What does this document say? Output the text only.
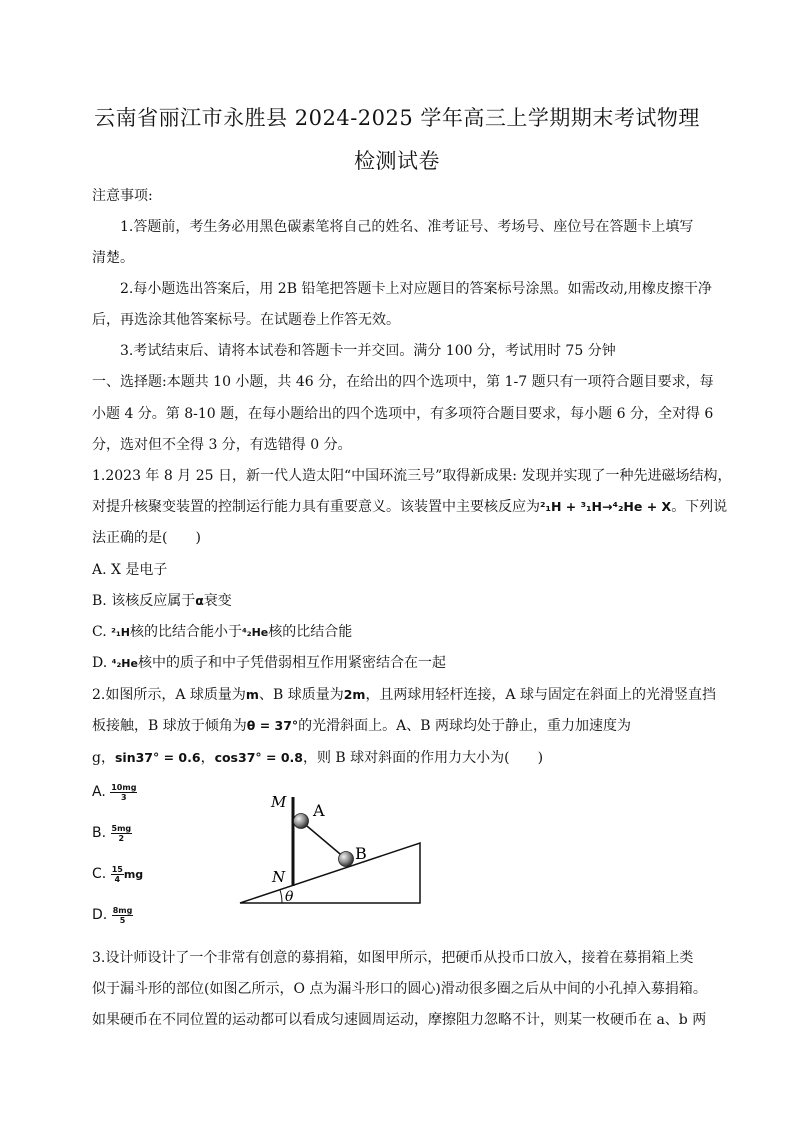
云南省丽江市永胜县 2024-2025 学年高三上学期期末考试物理
检测试卷
注意事项:
1.答题前，考生务必用黑色碳素笔将自己的姓名、准考证号、考场号、座位号在答题卡上填写
清楚。
2.每小题选出答案后，用 2B 铅笔把答题卡上对应题目的答案标号涂黑。如需改动,用橡皮擦干净
后，再选涂其他答案标号。在试题卷上作答无效。
3.考试结束后、请将本试卷和答题卡一并交回。满分 100 分，考试用时 75 分钟
一、选择题:本题共 10 小题，共 46 分，在给出的四个选项中，第 1-7 题只有一项符合题目要求，每
小题 4 分。第 8-10 题，在每小题给出的四个选项中，有多项符合题目要求，每小题 6 分，全对得 6
分，选对但不全得 3 分，有选错得 0 分。
1.2023 年 8 月 25 日，新一代人造太阳“中国环流三号”取得新成果: 发现并实现了一种先进磁场结构，
对提升核聚变装置的控制运行能力具有重要意义。该装置中主要核反应为²₁H + ³₁H→⁴₂He + X。下列说
法正确的是(　　)
A. X 是电子
B. 该核反应属于α衰变
C. ²₁H核的比结合能小于⁴₂He核的比结合能
D. ⁴₂He核中的质子和中子凭借弱相互作用紧密结合在一起
2.如图所示，A 球质量为m、B 球质量为2m，且两球用轻杆连接，A 球与固定在斜面上的光滑竖直挡
板接触，B 球放于倾角为θ = 37°的光滑斜面上。A、B 两球均处于静止，重力加速度为
g，sin37° = 0.6，cos37° = 0.8，则 B 球对斜面的作用力大小为(　　)
A. $\frac{10mg}{3}$
B. $\frac{5mg}{2}$
C. $\frac{15}{4}$ mg
D. $\frac{8mg}{5}$
M A
B
N
θ
3.设计师设计了一个非常有创意的募捐箱，如图甲所示，把硬币从投币口放入，接着在募捐箱上类
似于漏斗形的部位(如图乙所示，O 点为漏斗形口的圆心)滑动很多圈之后从中间的小孔掉入募捐箱。
如果硬币在不同位置的运动都可以看成匀速圆周运动，摩擦阻力忽略不计，则某一枚硬币在 a、b 两
